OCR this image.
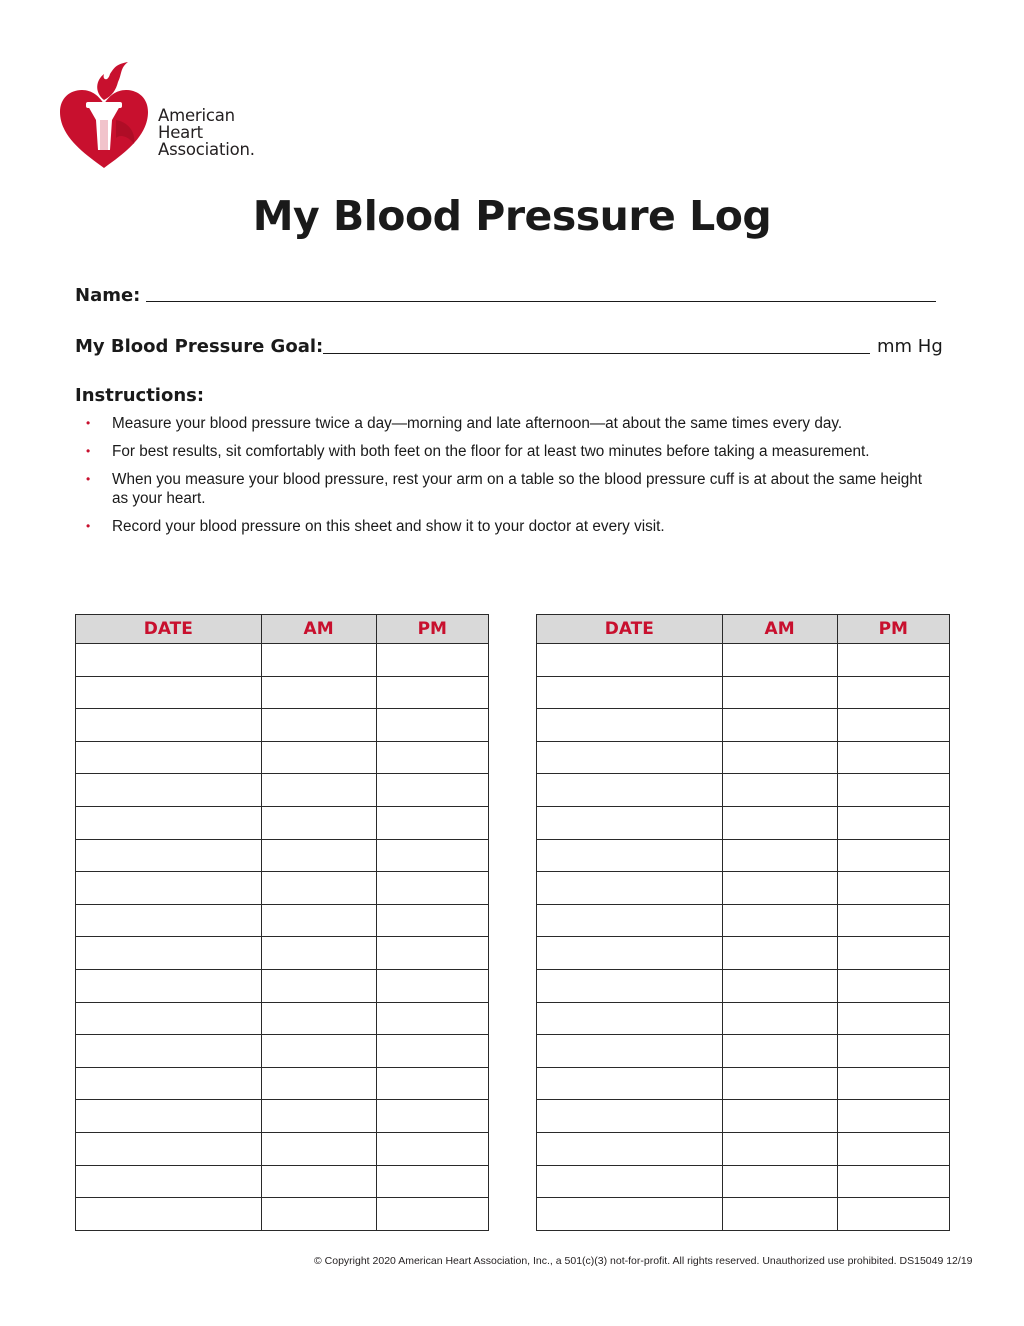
American
Heart
Association.
My Blood Pressure Log
Name:
My Blood Pressure Goal:	mm Hg
Instructions:
• Measure your blood pressure twice a day—morning and late afternoon—at about the same times every day.
• For best results, sit comfortably with both feet on the floor for at least two minutes before taking a measurement.
• When you measure your blood pressure, rest your arm on a table so the blood pressure cuff is at about the same height as your heart.
• Record your blood pressure on this sheet and show it to your doctor at every visit.
DATE	AM	PM

			DATE	AM	PM

© Copyright 2020 American Heart Association, Inc., a 501(c)(3) not-for-profit. All rights reserved. Unauthorized use prohibited. DS15049 12/19
